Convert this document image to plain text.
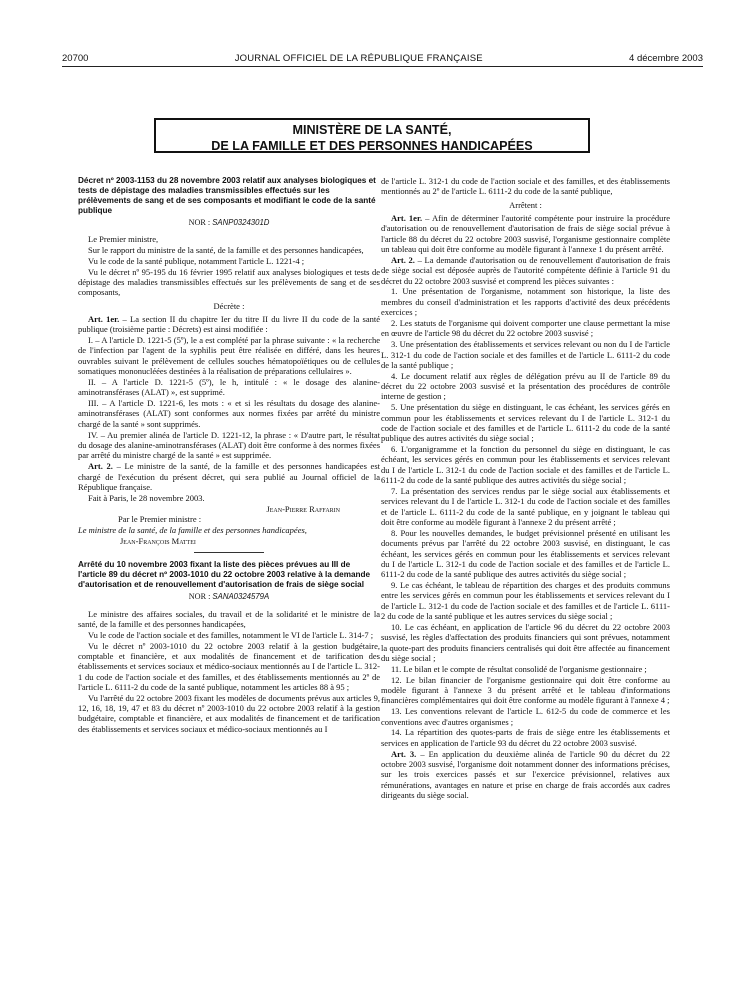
20700	JOURNAL OFFICIEL DE LA RÉPUBLIQUE FRANÇAISE	4 décembre 2003
MINISTÈRE DE LA SANTÉ,
DE LA FAMILLE ET DES PERSONNES HANDICAPÉES

Décret nº 2003-1153 du 28 novembre 2003 relatif aux analyses biologiques et tests de dépistage des maladies transmissibles effectués sur les prélèvements de sang et de ses composants et modifiant le code de la santé publique

NOR : SANP0324301D

Le Premier ministre,

Sur le rapport du ministre de la santé, de la famille et des personnes handicapées,

Vu le code de la santé publique, notamment l'article L. 1221-4 ;

Vu le décret nº 95-195 du 16 février 1995 relatif aux analyses biologiques et tests de dépistage des maladies transmissibles effectués sur les prélèvements de sang et de ses composants,

Décrète :

Art. 1er. – La section II du chapitre Ier du titre II du livre II du code de la santé publique (troisième partie : Décrets) est ainsi modifiée :

I. – A l'article D. 1221-5 (5º), le a est complété par la phrase suivante : « la recherche de l'infection par l'agent de la syphilis peut être réalisée en différé, dans les heures ouvrables suivant le prélèvement de cellules souches hématopoïétiques ou de cellules somatiques mononucléées destinées à la réalisation de préparations cellulaires ».

II. – A l'article D. 1221-5 (5º), le h, intitulé : « le dosage des alanine-aminotransférases (ALAT) », est supprimé.

III. – A l'article D. 1221-6, les mots : « et si les résultats du dosage des alanine-aminotransférases (ALAT) sont conformes aux normes fixées par arrêté du ministre chargé de la santé » sont supprimés.

IV. – Au premier alinéa de l'article D. 1221-12, la phrase : « D'autre part, le résultat du dosage des alanine-aminotransférases (ALAT) doit être conforme à des normes fixées par arrêté du ministre chargé de la santé » est supprimée.

Art. 2. – Le ministre de la santé, de la famille et des personnes handicapées est chargé de l'exécution du présent décret, qui sera publié au Journal officiel de la République française.

Fait à Paris, le 28 novembre 2003.

Jean-Pierre Raffarin

Par le Premier ministre :

Le ministre de la santé, de la famille et des personnes handicapées,

Jean-François Mattei

Arrêté du 10 novembre 2003 fixant la liste des pièces prévues au III de l'article 89 du décret nº 2003-1010 du 22 octobre 2003 relative à la demande d'autorisation et de renouvellement d'autorisation de frais de siège social

NOR : SANA0324579A

Le ministre des affaires sociales, du travail et de la solidarité et le ministre de la santé, de la famille et des personnes handicapées,

Vu le code de l'action sociale et des familles, notamment le VI de l'article L. 314-7 ;

Vu le décret nº 2003-1010 du 22 octobre 2003 relatif à la gestion budgétaire, comptable et financière, et aux modalités de financement et de tarification des établissements et services sociaux et médico-sociaux mentionnés au I de l'article L. 312-1 du code de l'action sociale et des familles, et des établissements mentionnés au 2º de l'article L. 6111-2 du code de la santé publique, notamment les articles 88 à 95 ;

Vu l'arrêté du 22 octobre 2003 fixant les modèles de documents prévus aux articles 9, 12, 16, 18, 19, 47 et 83 du décret nº 2003-1010 du 22 octobre 2003 relatif à la gestion budgétaire, comptable et financière, et aux modalités de financement et de tarification des établissements et services sociaux et médico-sociaux mentionnés au I

de l'article L. 312-1 du code de l'action sociale et des familles, et des établissements mentionnés au 2º de l'article L. 6111-2 du code de la santé publique,

Arrêtent :

Art. 1er. – Afin de déterminer l'autorité compétente pour instruire la procédure d'autorisation ou de renouvellement d'autorisation de frais de siège social prévue à l'article 88 du décret du 22 octobre 2003 susvisé, l'organisme gestionnaire complète un tableau qui doit être conforme au modèle figurant à l'annexe 1 du présent arrêté.

Art. 2. – La demande d'autorisation ou de renouvellement d'autorisation de frais de siège social est déposée auprès de l'autorité compétente définie à l'article 91 du décret du 22 octobre 2003 susvisé et comprend les pièces suivantes :

1. Une présentation de l'organisme, notamment son historique, la liste des membres du conseil d'administration et les rapports d'activité des deux précédents exercices ;

2. Les statuts de l'organisme qui doivent comporter une clause permettant la mise en œuvre de l'article 98 du décret du 22 octobre 2003 susvisé ;

3. Une présentation des établissements et services relevant ou non du I de l'article L. 312-1 du code de l'action sociale et des familles et de l'article L. 6111-2 du code de la santé publique ;

4. Le document relatif aux règles de délégation prévu au II de l'article 89 du décret du 22 octobre 2003 susvisé et la présentation des procédures de contrôle interne de gestion ;

5. Une présentation du siège en distinguant, le cas échéant, les services gérés en commun pour les établissements et services relevant du I de l'article L. 312-1 du code de l'action sociale et des familles et de l'article L. 6111-2 du code de la santé publique des autres activités du siège social ;

6. L'organigramme et la fonction du personnel du siège en distinguant, le cas échéant, les services gérés en commun pour les établissements et services relevant du I de l'article L. 312-1 du code de l'action sociale et des familles et de l'article L. 6111-2 du code de la santé publique des autres activités du siège social ;

7. La présentation des services rendus par le siège social aux établissements et services relevant du I de l'article L. 312-1 du code de l'action sociale et des familles et de l'article L. 6111-2 du code de la santé publique, en y joignant le tableau qui doit être conforme au modèle figurant à l'annexe 2 du présent arrêté ;

8. Pour les nouvelles demandes, le budget prévisionnel présenté en utilisant les documents prévus par l'arrêté du 22 octobre 2003 susvisé, en distinguant, le cas échéant, les services gérés en commun pour les établissements et services relevant du I de l'article L. 312-1 du code de l'action sociale et des familles et de l'article L. 6111-2 du code de la santé publique des autres activités du siège social ;

9. Le cas échéant, le tableau de répartition des charges et des produits communs entre les services gérés en commun pour les établissements et services relevant du I de l'article L. 312-1 du code de l'action sociale et des familles et de l'article L. 6111-2 du code de la santé publique et les autres services du siège social ;

10. Le cas échéant, en application de l'article 96 du décret du 22 octobre 2003 susvisé, les règles d'affectation des produits financiers qui sont prévues, notamment la quote-part des produits financiers centralisés qui doit être affectée au financement du siège social ;

11. Le bilan et le compte de résultat consolidé de l'organisme gestionnaire ;

12. Le bilan financier de l'organisme gestionnaire qui doit être conforme au modèle figurant à l'annexe 3 du présent arrêté et le tableau d'informations financières complémentaires qui doit être conforme au modèle figurant à l'annexe 4 ;

13. Les conventions relevant de l'article L. 612-5 du code de commerce et les conventions avec d'autres organismes ;

14. La répartition des quotes-parts de frais de siège entre les établissements et services en application de l'article 93 du décret du 22 octobre 2003 susvisé.

Art. 3. – En application du deuxième alinéa de l'article 90 du décret du 22 octobre 2003 susvisé, l'organisme doit notamment donner des informations précises, sur les trois exercices passés et sur l'exercice prévisionnel, relatives aux rémunérations, avantages en nature et prise en charge de frais accordés aux cadres dirigeants du siège social.
